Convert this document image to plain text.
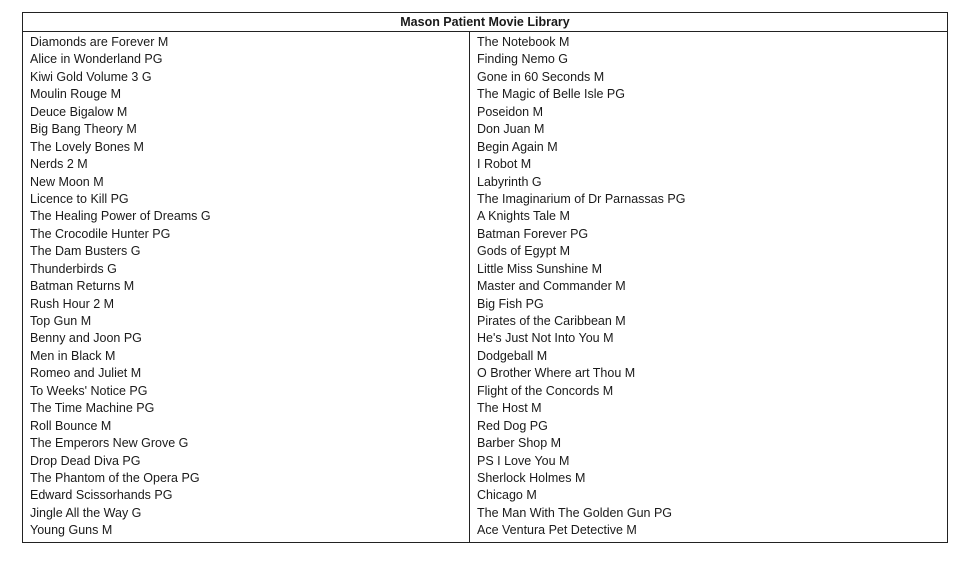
Mason Patient Movie Library
Diamonds are Forever M
Alice in Wonderland PG
Kiwi Gold Volume 3 G
Moulin Rouge M
Deuce Bigalow M
Big Bang Theory M
The Lovely Bones M
Nerds 2 M
New Moon M
Licence to Kill PG
The Healing Power of Dreams G
The Crocodile Hunter PG
The Dam Busters G
Thunderbirds G
Batman Returns M
Rush Hour 2 M
Top Gun M
Benny and Joon PG
Men in Black M
Romeo and Juliet M
To Weeks' Notice PG
The Time Machine PG
Roll Bounce M
The Emperors New Grove G
Drop Dead Diva PG
The Phantom of the Opera PG
Edward Scissorhands PG
Jingle All the Way G
Young Guns M
The Notebook M
Finding Nemo G
Gone in 60 Seconds M
The Magic of Belle Isle PG
Poseidon M
Don Juan M
Begin Again M
I Robot M
Labyrinth G
The Imaginarium of Dr Parnassas PG
A Knights Tale M
Batman Forever PG
Gods of Egypt M
Little Miss Sunshine M
Master and Commander M
Big Fish PG
Pirates of the Caribbean M
He's Just Not Into You M
Dodgeball M
O Brother Where art Thou M
Flight of the Concords M
The Host M
Red Dog PG
Barber Shop M
PS I Love You M
Sherlock Holmes M
Chicago M
The Man With The Golden Gun PG
Ace Ventura Pet Detective M
